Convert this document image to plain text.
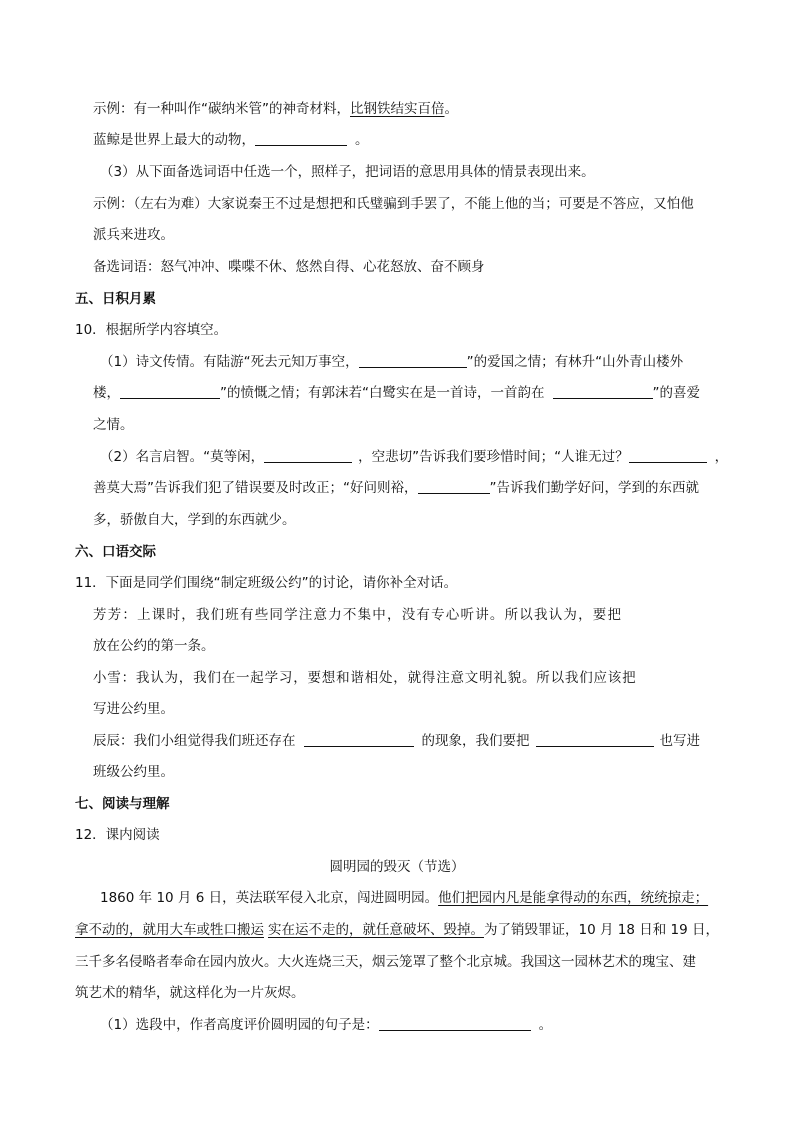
示例：有一种叫作“碳纳米管”的神奇材料，比钢铁结实百倍。
蓝鲸是世界上最大的动物，	。
（3）从下面备选词语中任选一个，照样子，把词语的意思用具体的情景表现出来。
示例：（左右为难）大家说秦王不过是想把和氏璧骗到手罢了，不能上他的当；可要是不答应，又怕他
派兵来进攻。
备选词语：怒气冲冲、喋喋不休、悠然自得、心花怒放、奋不顾身
五、日积月累
10．根据所学内容填空。
（1）诗文传情。有陆游“死去元知万事空，	”的爱国之情；有林升“山外青山楼外
楼，	”的愤慨之情；有郭沫若“白鹭实在是一首诗，一首韵在	”的喜爱
之情。
（2）名言启智。“莫等闲，	，空悲切”告诉我们要珍惜时间；“人谁无过？	，
善莫大焉”告诉我们犯了错误要及时改正；“好问则裕，	”告诉我们勤学好问，学到的东西就
多，骄傲自大，学到的东西就少。
六、口语交际
11．下面是同学们围绕“制定班级公约”的讨论，请你补全对话。
芳芳：上课时，我们班有些同学注意力不集中，没有专心听讲。所以我认为，要把
放在公约的第一条。
小雪：我认为，我们在一起学习，要想和谐相处，就得注意文明礼貌。所以我们应该把
写进公约里。
辰辰：我们小组觉得我们班还存在	的现象，我们要把	也写进
班级公约里。
七、阅读与理解
12．课内阅读
圆明园的毁灭（节选）
1860 年 10 月 6 日，英法联军侵入北京，闯进圆明园。他们把园内凡是能拿得动的东西，统统掠走；
拿不动的，就用大车或牲口搬运 实在运不走的，就任意破坏、毁掉。为了销毁罪证，10 月 18 日和 19 日，
三千多名侵略者奉命在园内放火。大火连烧三天，烟云笼罩了整个北京城。我国这一园林艺术的瑰宝、建
筑艺术的精华，就这样化为一片灰烬。
（1）选段中，作者高度评价圆明园的句子是：	。
